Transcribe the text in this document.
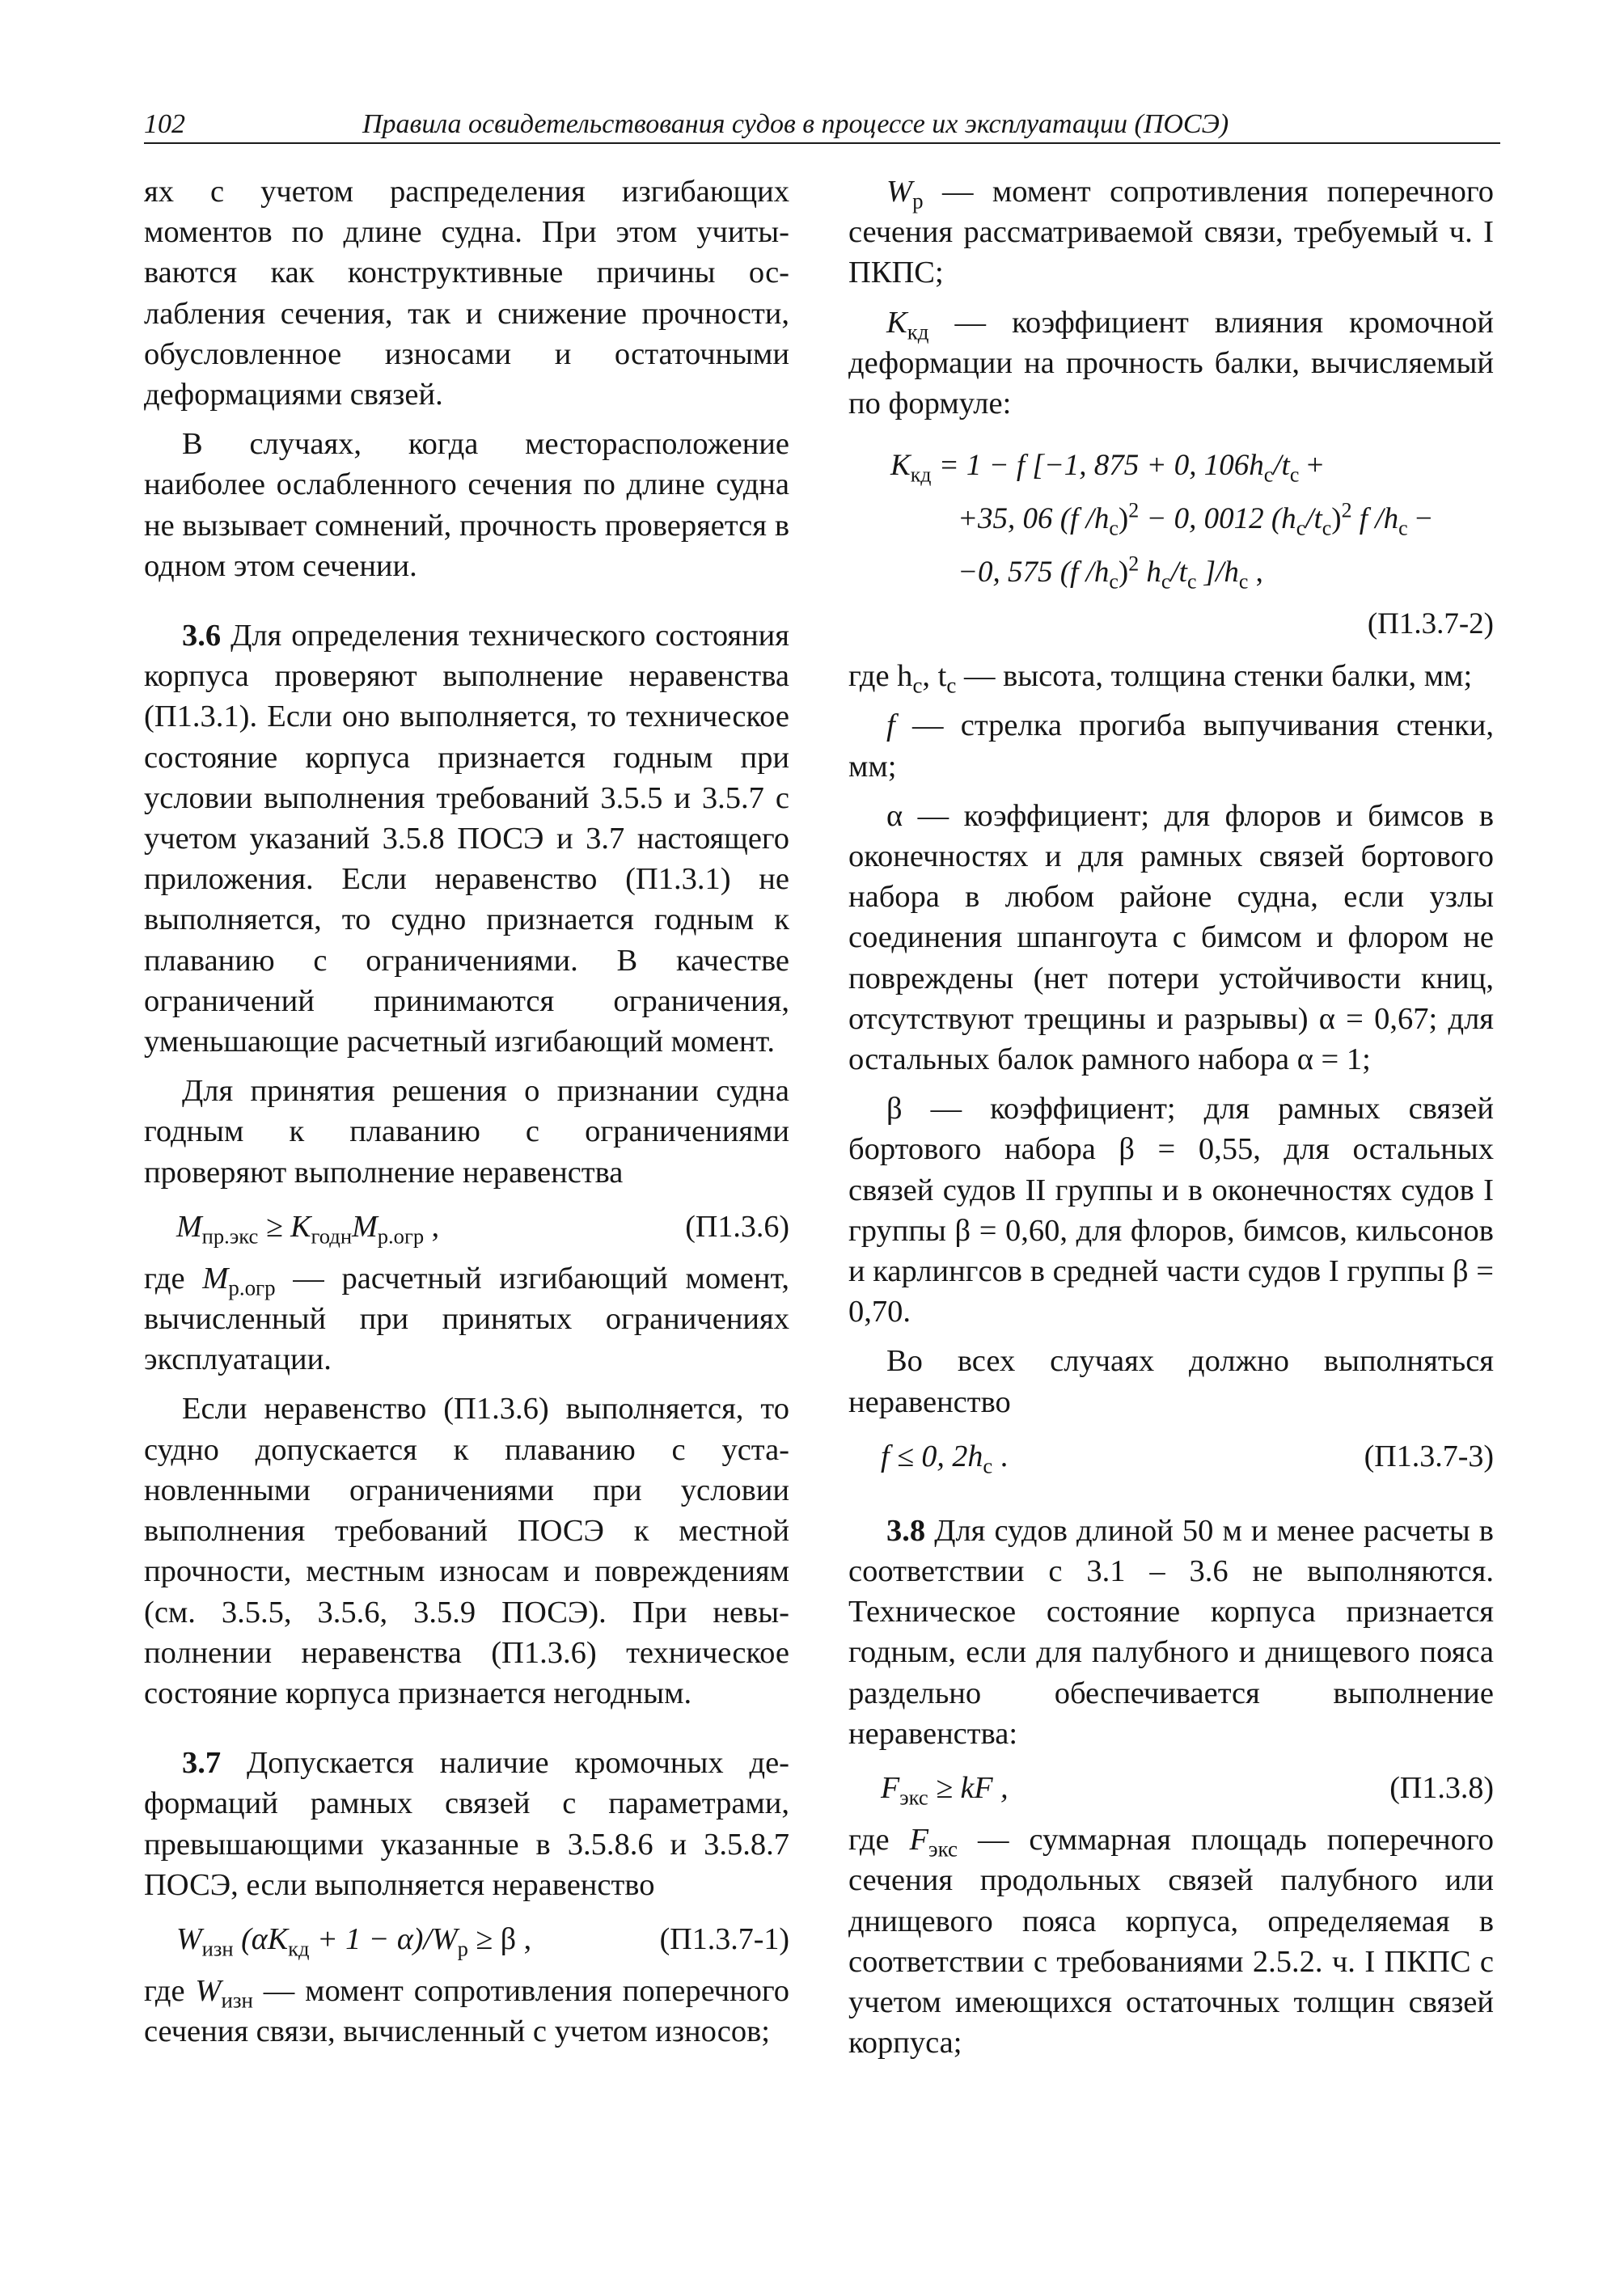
102	Правила освидетельствования судов в процессе их эксплуатации (ПОСЭ)

ях с учетом распределения изгибающих моментов по длине судна. При этом учитываются как конструктивные причины ослабления сечения, так и снижение прочности, обусловленное износами и остаточными деформациями связей.

В случаях, когда месторасположение наиболее ослабленного сечения по длине судна не вызывает сомнений, прочность проверяется в одном этом сечении.

3.6 Для определения технического состояния корпуса проверяют выполнение неравенства (П1.3.1). Если оно выполняется, то техническое состояние корпуса признается годным при условии выполнения требований 3.5.5 и 3.5.7 с учетом указаний 3.5.8 ПОСЭ и 3.7 настоящего приложения. Если неравенство (П1.3.1) не выполняется, то судно признается годным к плаванию с ограничениями. В качестве ограничений принимаются ограничения, уменьшающие расчетный изгибающий момент.

Для принятия решения о признании судна годным к плаванию с ограничениями проверяют выполнение неравенства

$M_{пр.экс} \ge K_{годн}M_{р.огр}$ ,	(П1.3.6)

где $M_{р.огр}$ — расчетный изгибающий момент, вычисленный при принятых ограничениях эксплуатации.

Если неравенство (П1.3.6) выполняется, то судно допускается к плаванию с установленными ограничениями при условии выполнения требований ПОСЭ к местной прочности, местным износам и повреждениям (см. 3.5.5, 3.5.6, 3.5.9 ПОСЭ). При невыполнении неравенства (П1.3.6) техническое состояние корпуса признается негодным.

3.7 Допускается наличие кромочных деформаций рамных связей с параметрами, превышающими указанные в 3.5.8.6 и 3.5.8.7 ПОСЭ, если выполняется неравенство

$W_{изн}$ $(\alpha K_{кд} + 1 - \alpha)/W_р \ge \beta$ ,	(П1.3.7-1)

где $W_{изн}$ — момент сопротивления поперечного сечения связи, вычисленный с учетом износов;

$W_р$ — момент сопротивления поперечного сечения рассматриваемой связи, требуемый ч. I ПКПС;

$K_{кд}$ — коэффициент влияния кромочной деформации на прочность балки, вычисляемый по формуле:

$K_{кд} = 1 - f$ [−1, 875 + 0, $106h_с/t_с$ +
+35, 06 (f $/h_с)^2 - 0$, 0012 $(h_с/t_с)^2$ f $/h_с$ −
−0, 575 (f $/h_с)^2$ $h_с/t_с$ ]$/h_с$ ,
(П1.3.7-2)

где $h_с$, $t_с$ — высота, толщина стенки балки, мм;

f — стрелка прогиба выпучивания стенки, мм;

α — коэффициент; для флоров и бимсов в оконечностях и для рамных связей бортового набора в любом районе судна, если узлы соединения шпангоута с бимсом и флором не повреждены (нет потери устойчивости книц, отсутствуют трещины и разрывы) α = 0,67; для остальных балок рамного набора α = 1;

β — коэффициент; для рамных связей бортового набора β = 0,55, для остальных связей судов II группы и в оконечностях судов I группы β = 0,60, для флоров, бимсов, кильсонов и карлингсов в средней части судов I группы β = 0,70.

Во всех случаях должно выполняться неравенство

f ≤ 0, $2h_с$ .	(П1.3.7-3)

3.8 Для судов длиной 50 м и менее расчеты в соответствии с 3.1 – 3.6 не выполняются. Техническое состояние корпуса признается годным, если для палубного и днищевого пояса раздельно обеспечивается выполнение неравенства:

$F_{экс}$ ≥ kF ,	(П1.3.8)

где $F_{экс}$ — суммарная площадь поперечного сечения продольных связей палубного или днищевого пояса корпуса, определяемая в соответствии с требованиями 2.5.2. ч. I ПКПС с учетом имеющихся остаточных толщин связей корпуса;
